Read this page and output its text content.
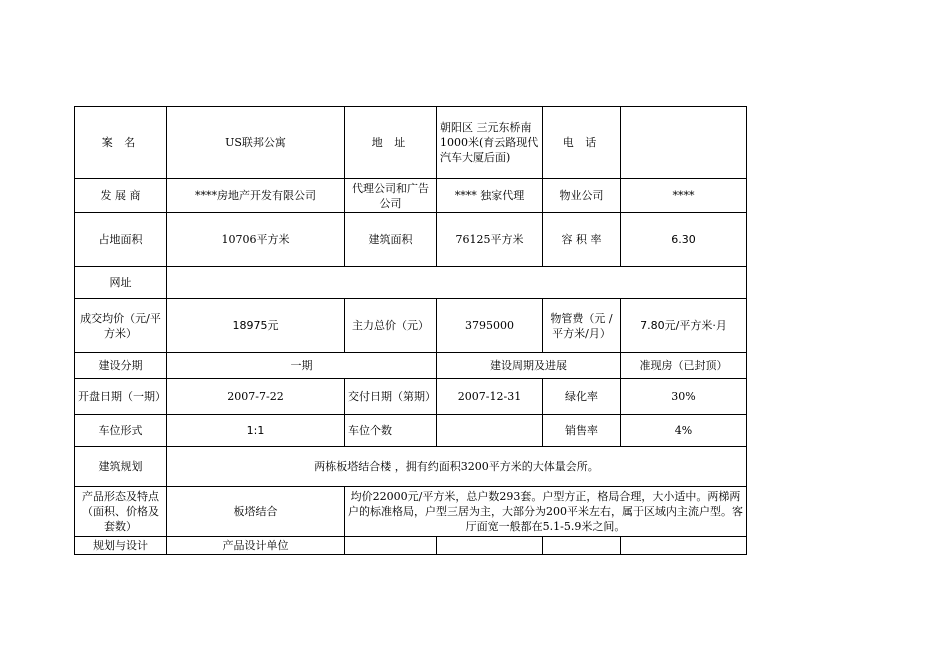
案 名	US联邦公寓	地 址	朝阳区 三元东桥南1000米(育云路现代汽车大厦后面)	电 话	
发 展 商	****房地产开发有限公司	代理公司和广告公司	**** 独家代理	物业公司	****
占地面积	10706平方米	建筑面积	76125平方米	容 积 率	6.30
网址					
成交均价（元/平方米）	18975元	主力总价（元）	3795000	物管费（元 /平方米/月）	7.80元/平方米·月
建设分期	一期		建设周期及进展		准现房（已封顶）
开盘日期（一期）	2007-7-22	交付日期（第期）	2007-12-31	绿化率	30%
车位形式	1:1	车位个数		销售率	4%
建筑规划	两栋板塔结合楼 ，拥有约面积3200平方米的大体量会所。				
产品形态及特点（面积、价格及套数）	板塔结合	均价22000元/平方米，总户数293套。户型方正，格局合理，大小适中。两梯两户的标准格局，户型三居为主，大部分为200平米左右，属于区域内主流户型。客厅面宽一般都在5.1-5.9米之间。			
规划与设计	产品设计单位				
